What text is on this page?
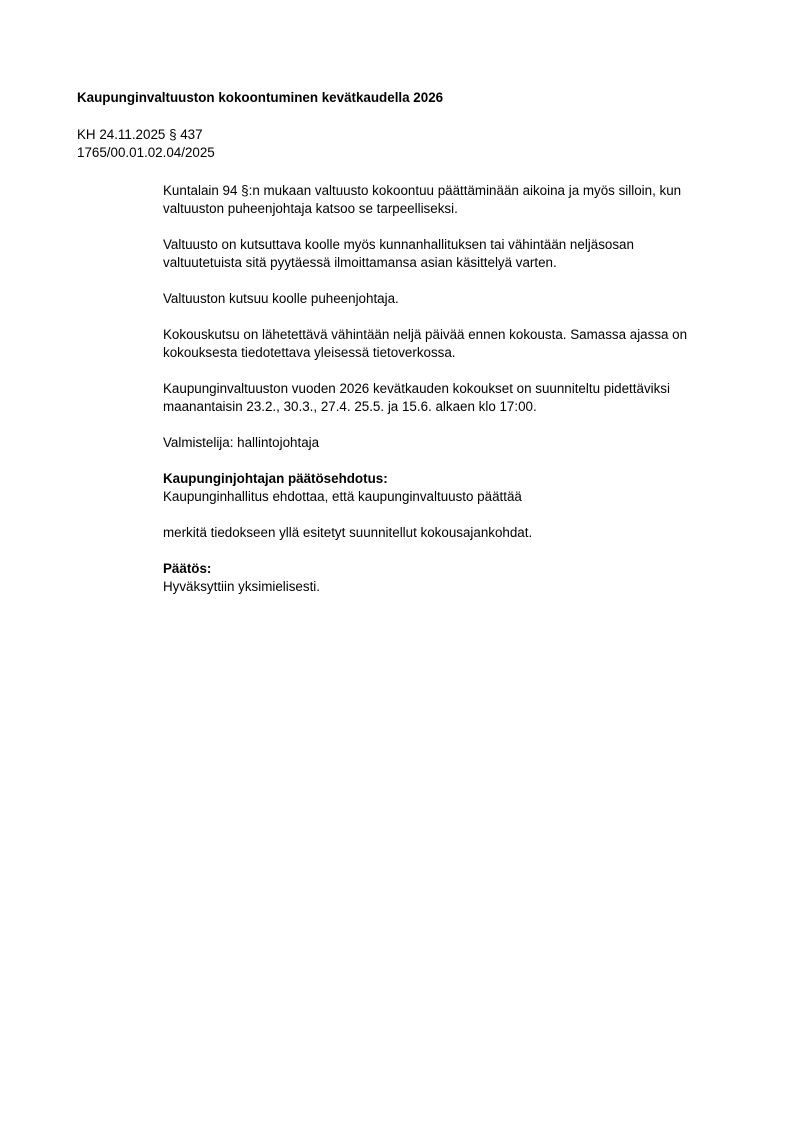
Kaupunginvaltuuston kokoontuminen kevätkaudella 2026
KH 24.11.2025 § 437
1765/00.01.02.04/2025

Kuntalain 94 §:n mukaan valtuusto kokoontuu päättäminään aikoina ja myös silloin, kun
valtuuston puheenjohtaja katsoo se tarpeelliseksi.

Valtuusto on kutsuttava koolle myös kunnanhallituksen tai vähintään neljäsosan
valtuutetuista sitä pyytäessä ilmoittamansa asian käsittelyä varten.

Valtuuston kutsuu koolle puheenjohtaja.

Kokouskutsu on lähetettävä vähintään neljä päivää ennen kokousta. Samassa ajassa on
kokouksesta tiedotettava yleisessä tietoverkossa.

Kaupunginvaltuuston vuoden 2026 kevätkauden kokoukset on suunniteltu pidettäviksi
maanantaisin 23.2., 30.3., 27.4. 25.5. ja 15.6. alkaen klo 17:00.

Valmistelija: hallintojohtaja

Kaupunginjohtajan päätösehdotus:
Kaupunginhallitus ehdottaa, että kaupunginvaltuusto päättää

merkitä tiedokseen yllä esitetyt suunnitellut kokousajankohdat.

Päätös:
Hyväksyttiin yksimielisesti.
